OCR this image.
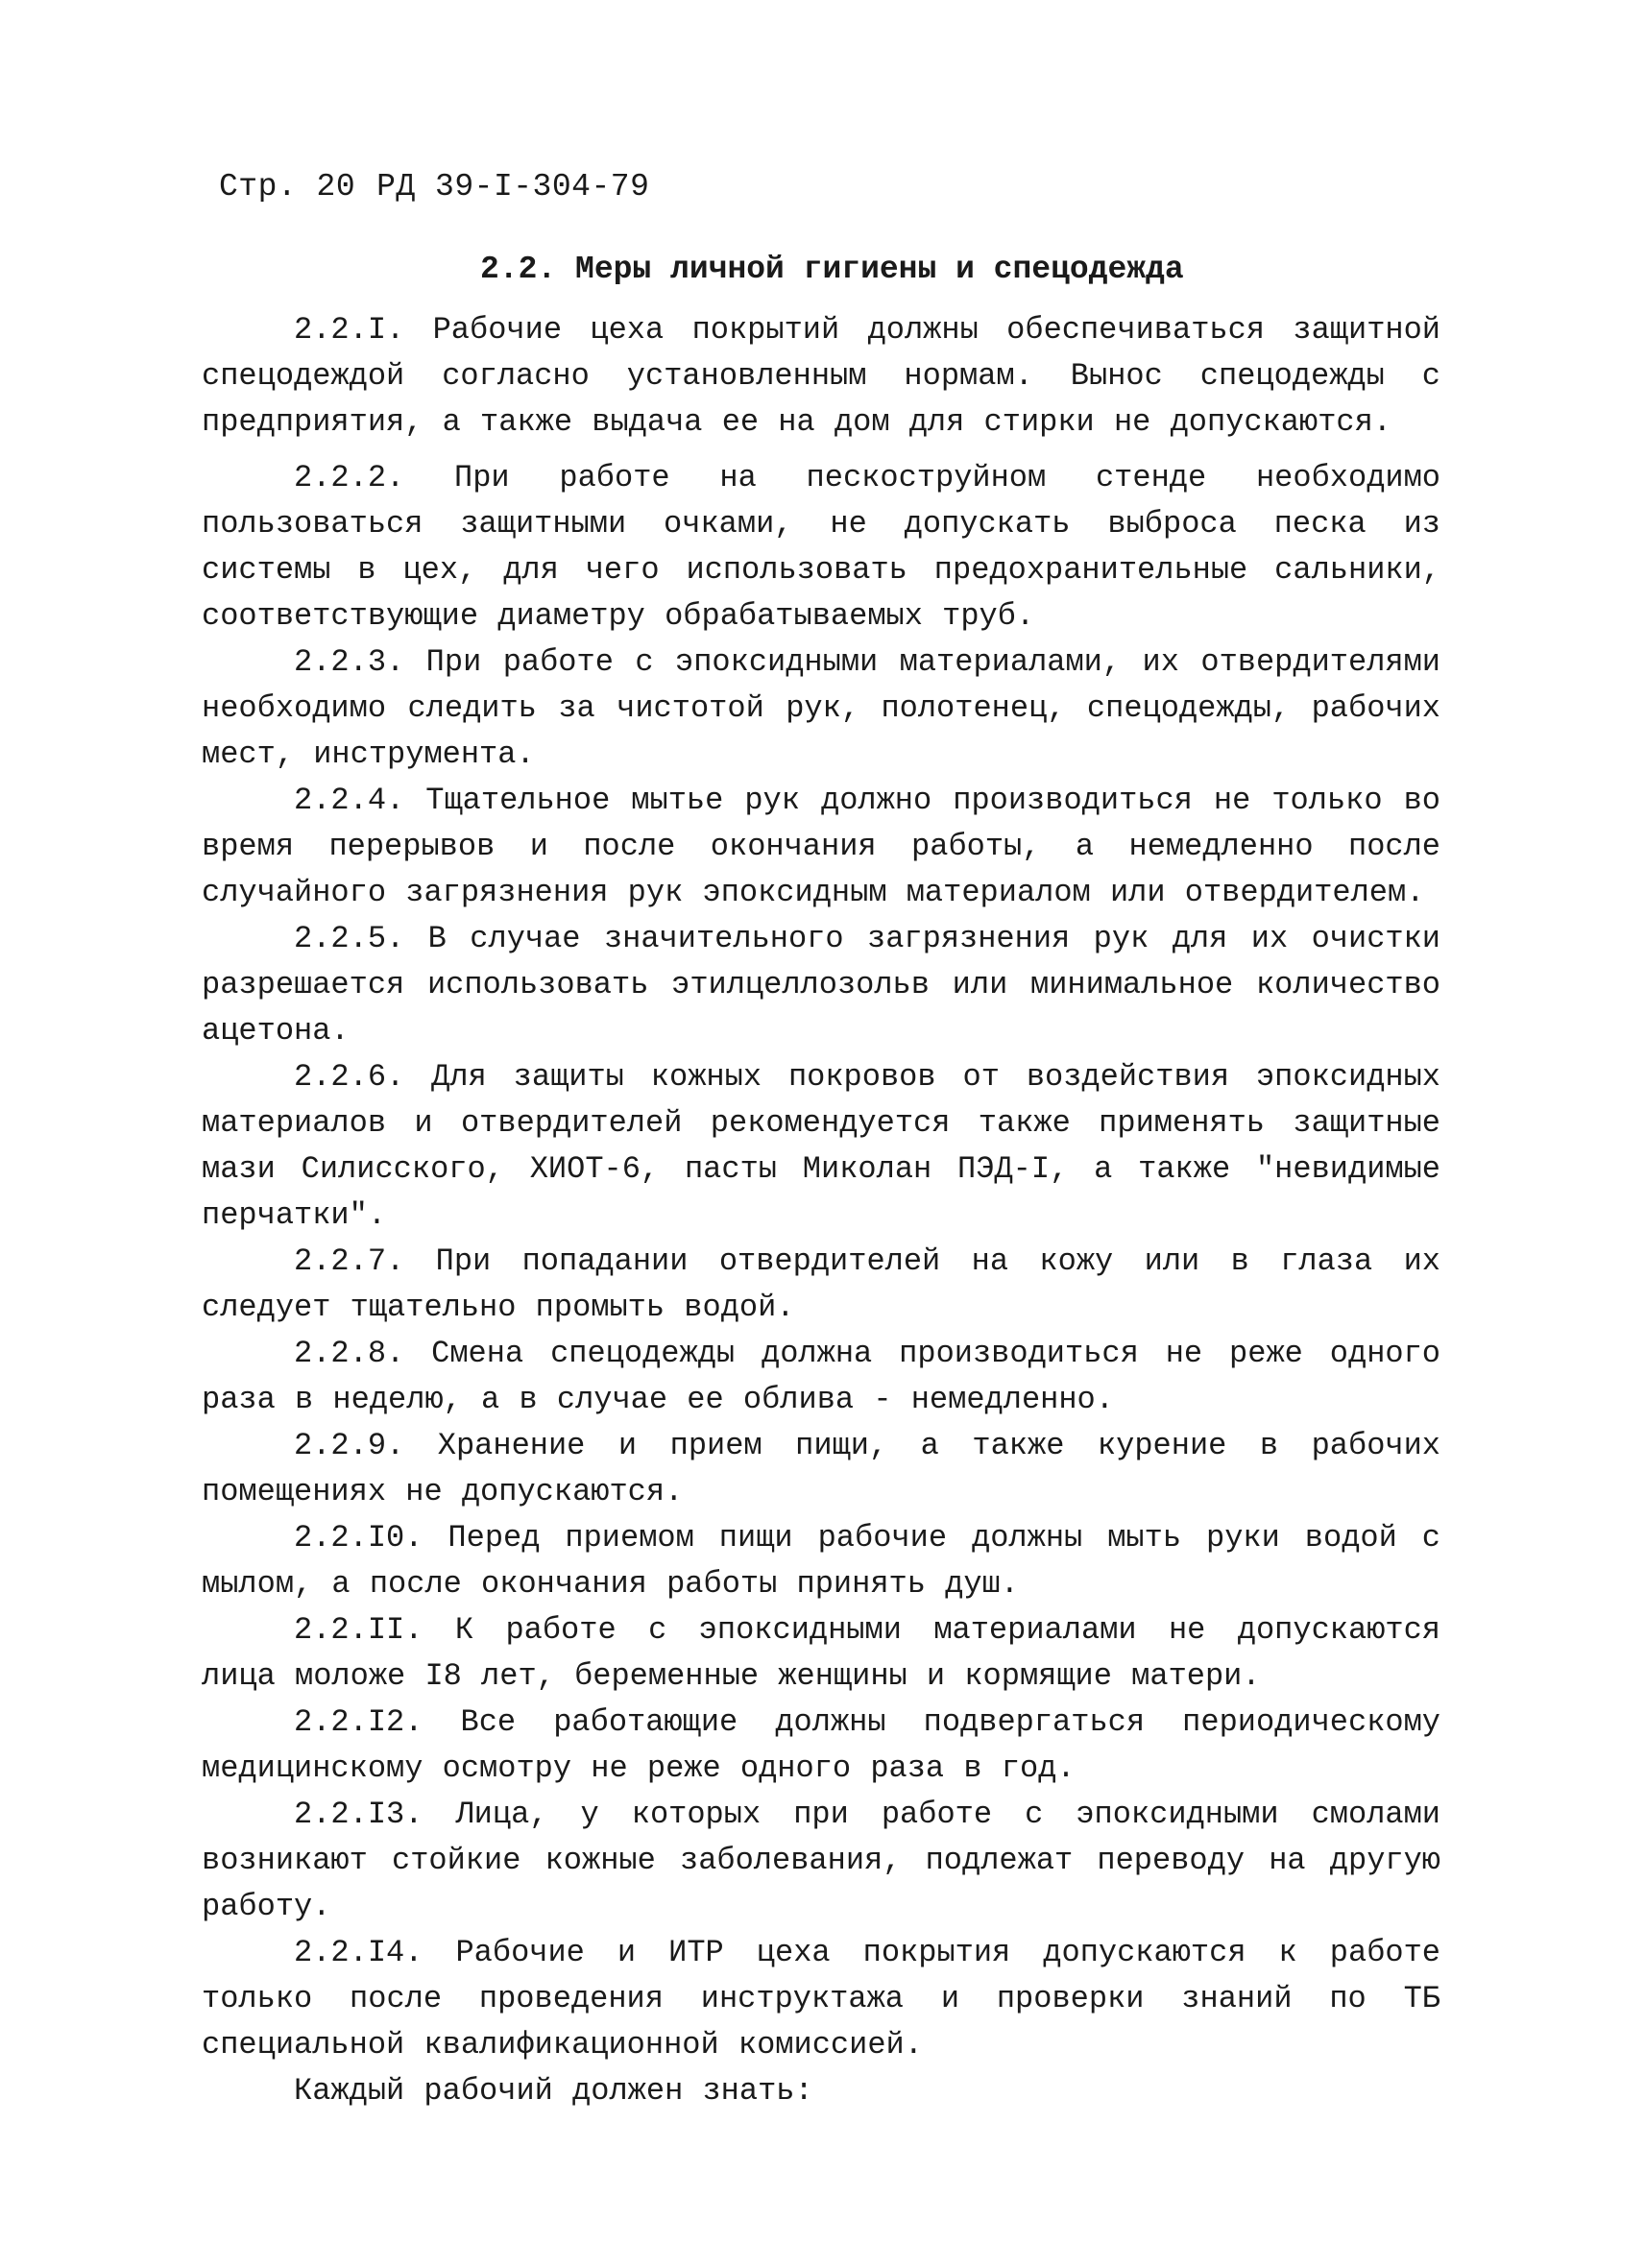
Стр. 20 РД 39-I-304-79
2.2. Меры личной гигиены и спецодежда

2.2.I. Рабочие цеха покрытий должны обеспечиваться защитной спецодеждой согласно установленным нормам. Вынос спецодежды с предприятия, а также выдача ее на дом для стирки не допускаются.

2.2.2. При работе на пескоструйном стенде необходимо пользоваться защитными очками, не допускать выброса песка из системы в цех, для чего использовать предохранительные сальники, соответствующие диаметру обрабатываемых труб.

2.2.3. При работе с эпоксидными материалами, их отвердителями необходимо следить за чистотой рук, полотенец, спецодежды, рабочих мест, инструмента.

2.2.4. Тщательное мытье рук должно производиться не только во время перерывов и после окончания работы, а немедленно после случайного загрязнения рук эпоксидным материалом или отвердителем.

2.2.5. В случае значительного загрязнения рук для их очистки разрешается использовать этилцеллозольв или минимальное количество ацетона.

2.2.6. Для защиты кожных покровов от воздействия эпоксидных материалов и отвердителей рекомендуется также применять защитные мази Силисского, ХИОТ-6, пасты Миколан ПЭД-I, а также "невидимые перчатки".

2.2.7. При попадании отвердителей на кожу или в глаза их следует тщательно промыть водой.

2.2.8. Смена спецодежды должна производиться не реже одного раза в неделю, а в случае ее облива - немедленно.

2.2.9. Хранение и прием пищи, а также курение в рабочих помещениях не допускаются.

2.2.I0. Перед приемом пищи рабочие должны мыть руки водой с мылом, а после окончания работы принять душ.

2.2.II. К работе с эпоксидными материалами не допускаются лица моложе I8 лет, беременные женщины и кормящие матери.

2.2.I2. Все работающие должны подвергаться периодическому медицинскому осмотру не реже одного раза в год.

2.2.I3. Лица, у которых при работе с эпоксидными смолами возникают стойкие кожные заболевания, подлежат переводу на другую работу.

2.2.I4. Рабочие и ИТР цеха покрытия допускаются к работе только после проведения инструктажа и проверки знаний по ТБ специальной квалификационной комиссией.

Каждый рабочий должен знать:
